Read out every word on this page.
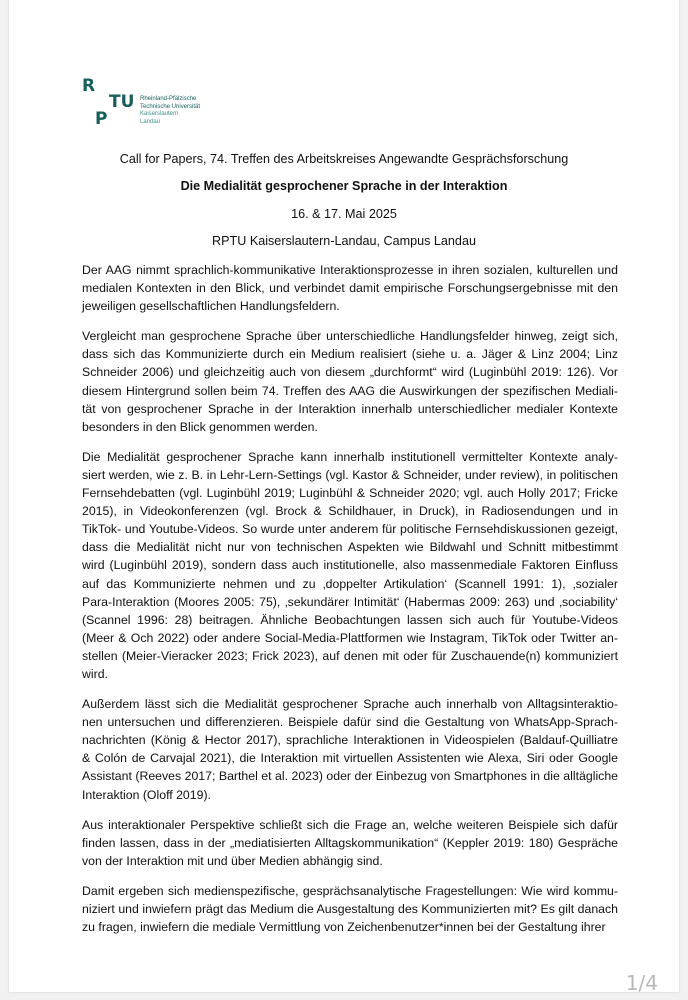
R
TU
P
Rheinland-Pfälzische
Technische Universität
Kaiserslautern
Landau
Call for Papers, 74. Treffen des Arbeitskreises Angewandte Gesprächsforschung
Die Medialität gesprochener Sprache in der Interaktion
16. & 17. Mai 2025
RPTU Kaiserslautern-Landau, Campus Landau
Der AAG nimmt sprachlich-kommunikative Interaktionsprozesse in ihren sozialen, kulturellen und
medialen Kontexten in den Blick, und verbindet damit empirische Forschungsergebnisse mit den
jeweiligen gesellschaftlichen Handlungsfeldern.
Vergleicht man gesprochene Sprache über unterschiedliche Handlungsfelder hinweg, zeigt sich,
dass sich das Kommunizierte durch ein Medium realisiert (siehe u. a. Jäger & Linz 2004; Linz
Schneider 2006) und gleichzeitig auch von diesem „durchformt“ wird (Luginbühl 2019: 126). Vor
diesem Hintergrund sollen beim 74. Treffen des AAG die Auswirkungen der spezifischen Mediali-
tät von gesprochener Sprache in der Interaktion innerhalb unterschiedlicher medialer Kontexte
besonders in den Blick genommen werden.
Die Medialität gesprochener Sprache kann innerhalb institutionell vermittelter Kontexte analy-
siert werden, wie z. B. in Lehr-Lern-Settings (vgl. Kastor & Schneider, under review), in politischen
Fernsehdebatten (vgl. Luginbühl 2019; Luginbühl & Schneider 2020; vgl. auch Holly 2017; Fricke
2015), in Videokonferenzen (vgl. Brock & Schildhauer, in Druck), in Radiosendungen und in
TikTok- und Youtube-Videos. So wurde unter anderem für politische Fernsehdiskussionen gezeigt,
dass die Medialität nicht nur von technischen Aspekten wie Bildwahl und Schnitt mitbestimmt
wird (Luginbühl 2019), sondern dass auch institutionelle, also massenmediale Faktoren Einfluss
auf das Kommunizierte nehmen und zu ‚doppelter Artikulation‘ (Scannell 1991: 1), ‚sozialer
Para-Interaktion (Moores 2005: 75), ‚sekundärer Intimität‘ (Habermas 2009: 263) und ‚sociability‘
(Scannel 1996: 28) beitragen. Ähnliche Beobachtungen lassen sich auch für Youtube-Videos
(Meer & Och 2022) oder andere Social-Media-Plattformen wie Instagram, TikTok oder Twitter an-
stellen (Meier-Vieracker 2023; Frick 2023), auf denen mit oder für Zuschauende(n) kommuniziert
wird.
Außerdem lässt sich die Medialität gesprochener Sprache auch innerhalb von Alltagsinteraktio-
nen untersuchen und differenzieren. Beispiele dafür sind die Gestaltung von WhatsApp-Sprach-
nachrichten (König & Hector 2017), sprachliche Interaktionen in Videospielen (Baldauf-Quilliatre
& Colón de Carvajal 2021), die Interaktion mit virtuellen Assistenten wie Alexa, Siri oder Google
Assistant (Reeves 2017; Barthel et al. 2023) oder der Einbezug von Smartphones in die alltägliche
Interaktion (Oloff 2019).
Aus interaktionaler Perspektive schließt sich die Frage an, welche weiteren Beispiele sich dafür
finden lassen, dass in der „mediatisierten Alltagskommunikation“ (Keppler 2019: 180) Gespräche
von der Interaktion mit und über Medien abhängig sind.
Damit ergeben sich medienspezifische, gesprächsanalytische Fragestellungen: Wie wird kommu-
niziert und inwiefern prägt das Medium die Ausgestaltung des Kommunizierten mit? Es gilt danach
zu fragen, inwiefern die mediale Vermittlung von Zeichenbenutzer*innen bei der Gestaltung ihrer
1/4
